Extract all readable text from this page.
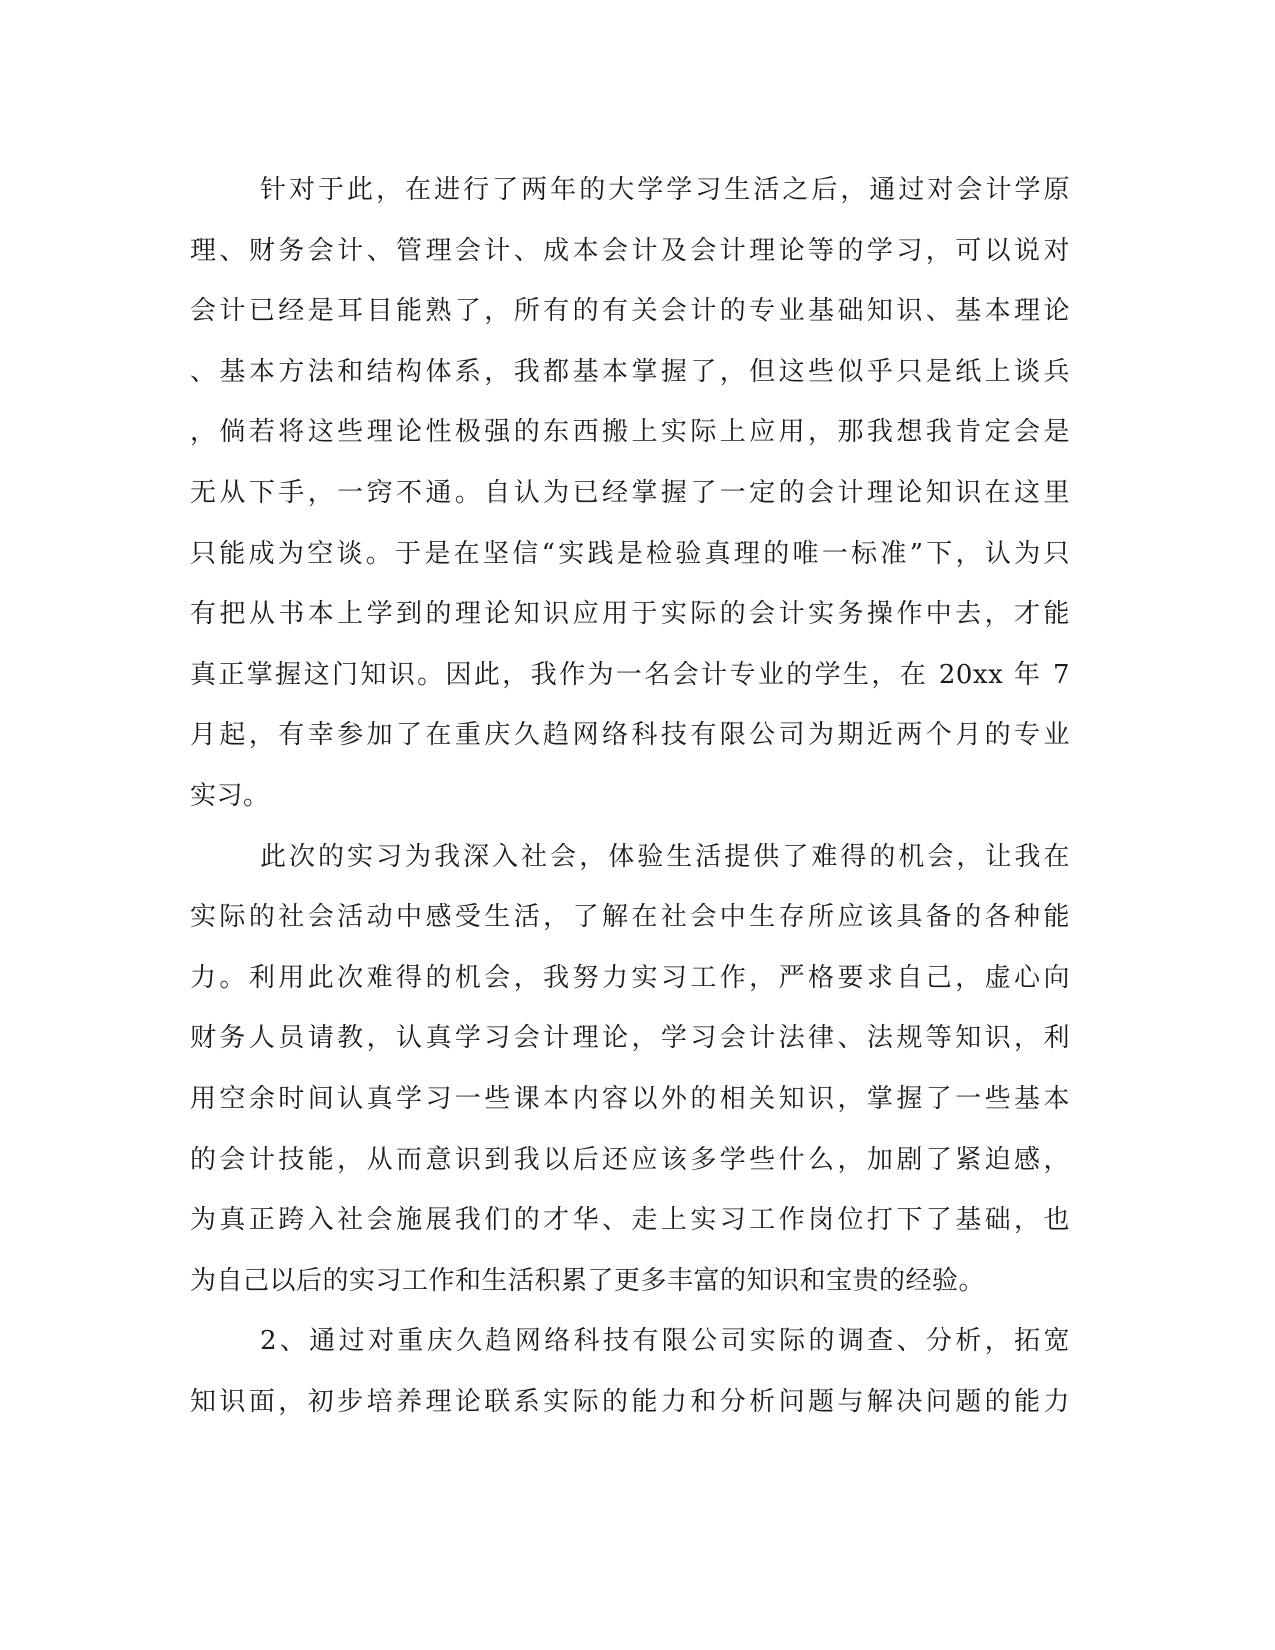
针对于此，在进行了两年的大学学习生活之后，通过对会计学原
理、财务会计、管理会计、成本会计及会计理论等的学习，可以说对
会计已经是耳目能熟了，所有的有关会计的专业基础知识、基本理论
、基本方法和结构体系，我都基本掌握了，但这些似乎只是纸上谈兵
，倘若将这些理论性极强的东西搬上实际上应用，那我想我肯定会是
无从下手，一窍不通。自认为已经掌握了一定的会计理论知识在这里
只能成为空谈。于是在坚信“实践是检验真理的唯一标准”下，认为只
有把从书本上学到的理论知识应用于实际的会计实务操作中去，才能
真正掌握这门知识。因此，我作为一名会计专业的学生，在 20xx 年 7
月起，有幸参加了在重庆久趋网络科技有限公司为期近两个月的专业
实习。
此次的实习为我深入社会，体验生活提供了难得的机会，让我在
实际的社会活动中感受生活，了解在社会中生存所应该具备的各种能
力。利用此次难得的机会，我努力实习工作，严格要求自己，虚心向
财务人员请教，认真学习会计理论，学习会计法律、法规等知识，利
用空余时间认真学习一些课本内容以外的相关知识，掌握了一些基本
的会计技能，从而意识到我以后还应该多学些什么，加剧了紧迫感，
为真正跨入社会施展我们的才华、走上实习工作岗位打下了基础，也
为自己以后的实习工作和生活积累了更多丰富的知识和宝贵的经验。
2、通过对重庆久趋网络科技有限公司实际的调查、分析，拓宽
知识面，初步培养理论联系实际的能力和分析问题与解决问题的能力
